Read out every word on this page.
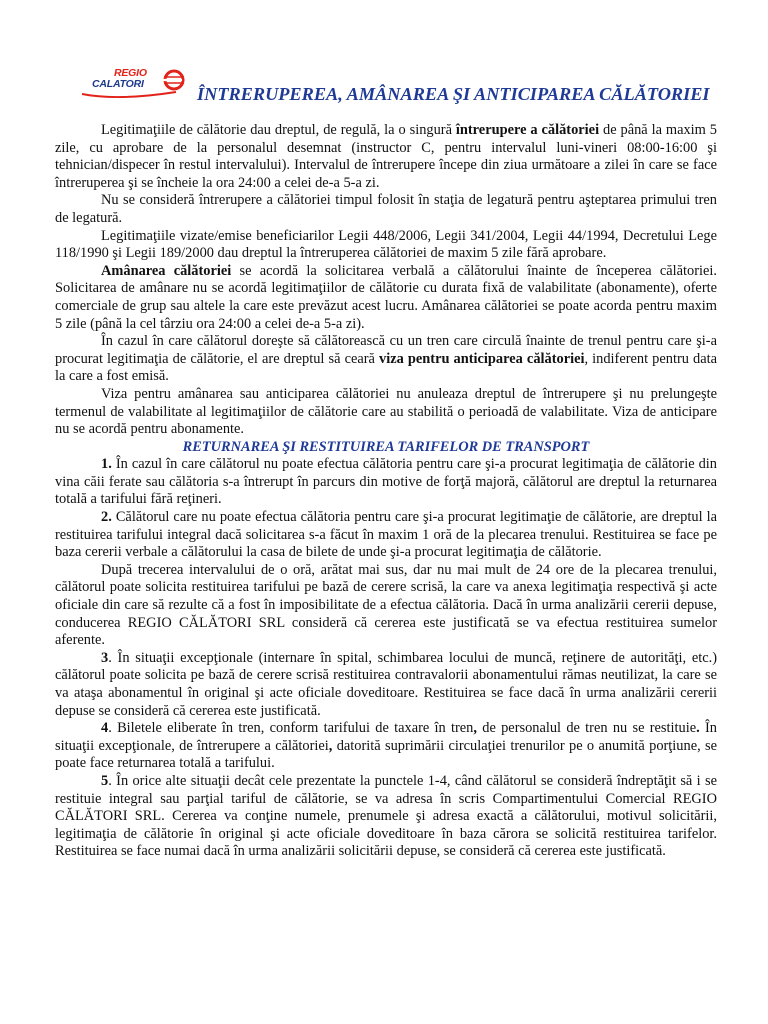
REGIO
CALATORI	ÎNTRERUPEREA, AMÂNAREA ŞI ANTICIPAREA CĂLĂTORIEI

Legitimaţiile de călătorie dau dreptul, de regulă, la o singură întrerupere a călătoriei de până la maxim 5 zile, cu aprobare de la personalul desemnat (instructor C, pentru intervalul luni-vineri 08:00-16:00 şi tehnician/dispecer în restul intervalului). Intervalul de întrerupere începe din ziua următoare a zilei în care se face întreruperea şi se încheie la ora 24:00 a celei de-a 5-a zi.

Nu se consideră întrerupere a călătoriei timpul folosit în staţia de legatură pentru aşteptarea primului tren de legatură.

Legitimaţiile vizate/emise beneficiarilor Legii 448/2006, Legii 341/2004, Legii 44/1994, Decretului Lege 118/1990 şi Legii 189/2000 dau dreptul la întreruperea călătoriei de maxim 5 zile fără aprobare.

Amânarea călătoriei se acordă la solicitarea verbală a călătorului înainte de începerea călătoriei. Solicitarea de amânare nu se acordă legitimaţiilor de călătorie cu durata fixă de valabilitate (abonamente), oferte comerciale de grup sau altele la care este prevăzut acest lucru. Amânarea călătoriei se poate acorda pentru maxim 5 zile (până la cel târziu ora 24:00 a celei de-a 5-a zi).

În cazul în care călătorul doreşte să călătorească cu un tren care circulă înainte de trenul pentru care şi-a procurat legitimaţia de călătorie, el are dreptul să ceară viza pentru anticiparea călătoriei, indiferent pentru data la care a fost emisă.

Viza pentru amânarea sau anticiparea călătoriei nu anuleaza dreptul de întrerupere şi nu prelungeşte termenul de valabilitate al legitimaţiilor de călătorie care au stabilită o perioadă de valabilitate. Viza de anticipare nu se acordă pentru abonamente.

RETURNAREA ŞI RESTITUIREA TARIFELOR DE TRANSPORT

1. În cazul în care călătorul nu poate efectua călătoria pentru care şi-a procurat legitimaţia de călătorie din vina căii ferate sau călătoria s-a întrerupt în parcurs din motive de forţă majoră, călătorul are dreptul la returnarea totală a tarifului fără reţineri.

2. Călătorul care nu poate efectua călătoria pentru care şi-a procurat legitimaţie de călătorie, are dreptul la restituirea tarifului integral dacă solicitarea s-a făcut în maxim 1 oră de la plecarea trenului. Restituirea se face pe baza cererii verbale a călătorului la casa de bilete de unde şi-a procurat legitimaţia de călătorie.

După trecerea intervalului de o oră, arătat mai sus, dar nu mai mult de 24 ore de la plecarea trenului, călătorul poate solicita restituirea tarifului pe bază de cerere scrisă, la care va anexa legitimaţia respectivă şi acte oficiale din care să rezulte că a fost în imposibilitate de a efectua călătoria. Dacă în urma analizării cererii depuse, conducerea REGIO CĂLĂTORI SRL consideră că cererea este justificată se va efectua restituirea sumelor aferente.

3. În situaţii excepţionale (internare în spital, schimbarea locului de muncă, reţinere de autorităţi, etc.) călătorul poate solicita pe bază de cerere scrisă restituirea contravalorii abonamentului rămas neutilizat, la care se va ataşa abonamentul în original şi acte oficiale doveditoare. Restituirea se face dacă în urma analizării cererii depuse se consideră că cererea este justificată.

4. Biletele eliberate în tren, conform tarifului de taxare în tren, de personalul de tren nu se restituie. În situaţii excepţionale, de întrerupere a călătoriei, datorită suprimării circulaţiei trenurilor pe o anumită porţiune, se poate face returnarea totală a tarifului.

5. În orice alte situaţii decât cele prezentate la punctele 1-4, când călătorul se consideră îndreptăţit să i se restituie integral sau parţial tariful de călătorie, se va adresa în scris Compartimentului Comercial REGIO CĂLĂTORI SRL. Cererea va conţine numele, prenumele şi adresa exactă a călătorului, motivul solicitării, legitimaţia de călătorie în original şi acte oficiale doveditoare în baza cărora se solicită restituirea tarifelor. Restituirea se face numai dacă în urma analizării solicitării depuse, se consideră că cererea este justificată.
